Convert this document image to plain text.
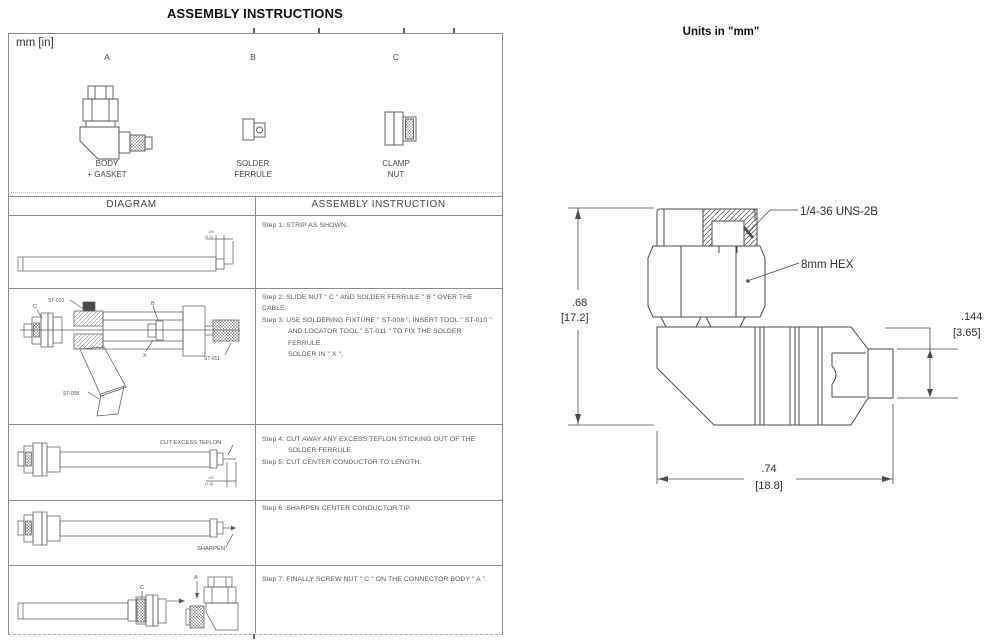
ASSEMBLY INSTRUCTIONS
Units in "mm"
mm [in]
A	B	C
BODY
+ GASKET
SOLDER
FERRULE
CLAMP
NUT
DIAGRAM	ASSEMBLY INSTRUCTION
.06
[1.5]
C
ST-010	B
X	ST-011
ST-008
CUT EXCESS TEFLON
.05
[1.3]
SHARPEN
C
A
Step 1: STRIP AS SHOWN.
Step 2: SLIDE NUT " C " AND SOLDER FERRULE " B " OVER THE CABLE.
Step 3: USE SOLDERING FIXTURE " ST-008 ", INSERT TOOL " ST-010 "
AND LOCATOR TOOL " ST-011 " TO FIX THE SOLDER FERRULE.
SOLDER IN " X ".
Step 4: CUT AWAY ANY EXCESS TEFLON STICKING OUT OF THE
SOLDER FERRULE.
Step 5: CUT CENTER CONDUCTOR TO LENGTH.
Step 6: SHARPEN CENTER CONDUCTOR TIP.
Step 7: FINALLY SCREW NUT " C " ON THE CONNECTOR BODY " A ".
.68
[17.2]
1/4-36 UNS-2B
8mm HEX
.144
[3.65]
.74
[18.8]
